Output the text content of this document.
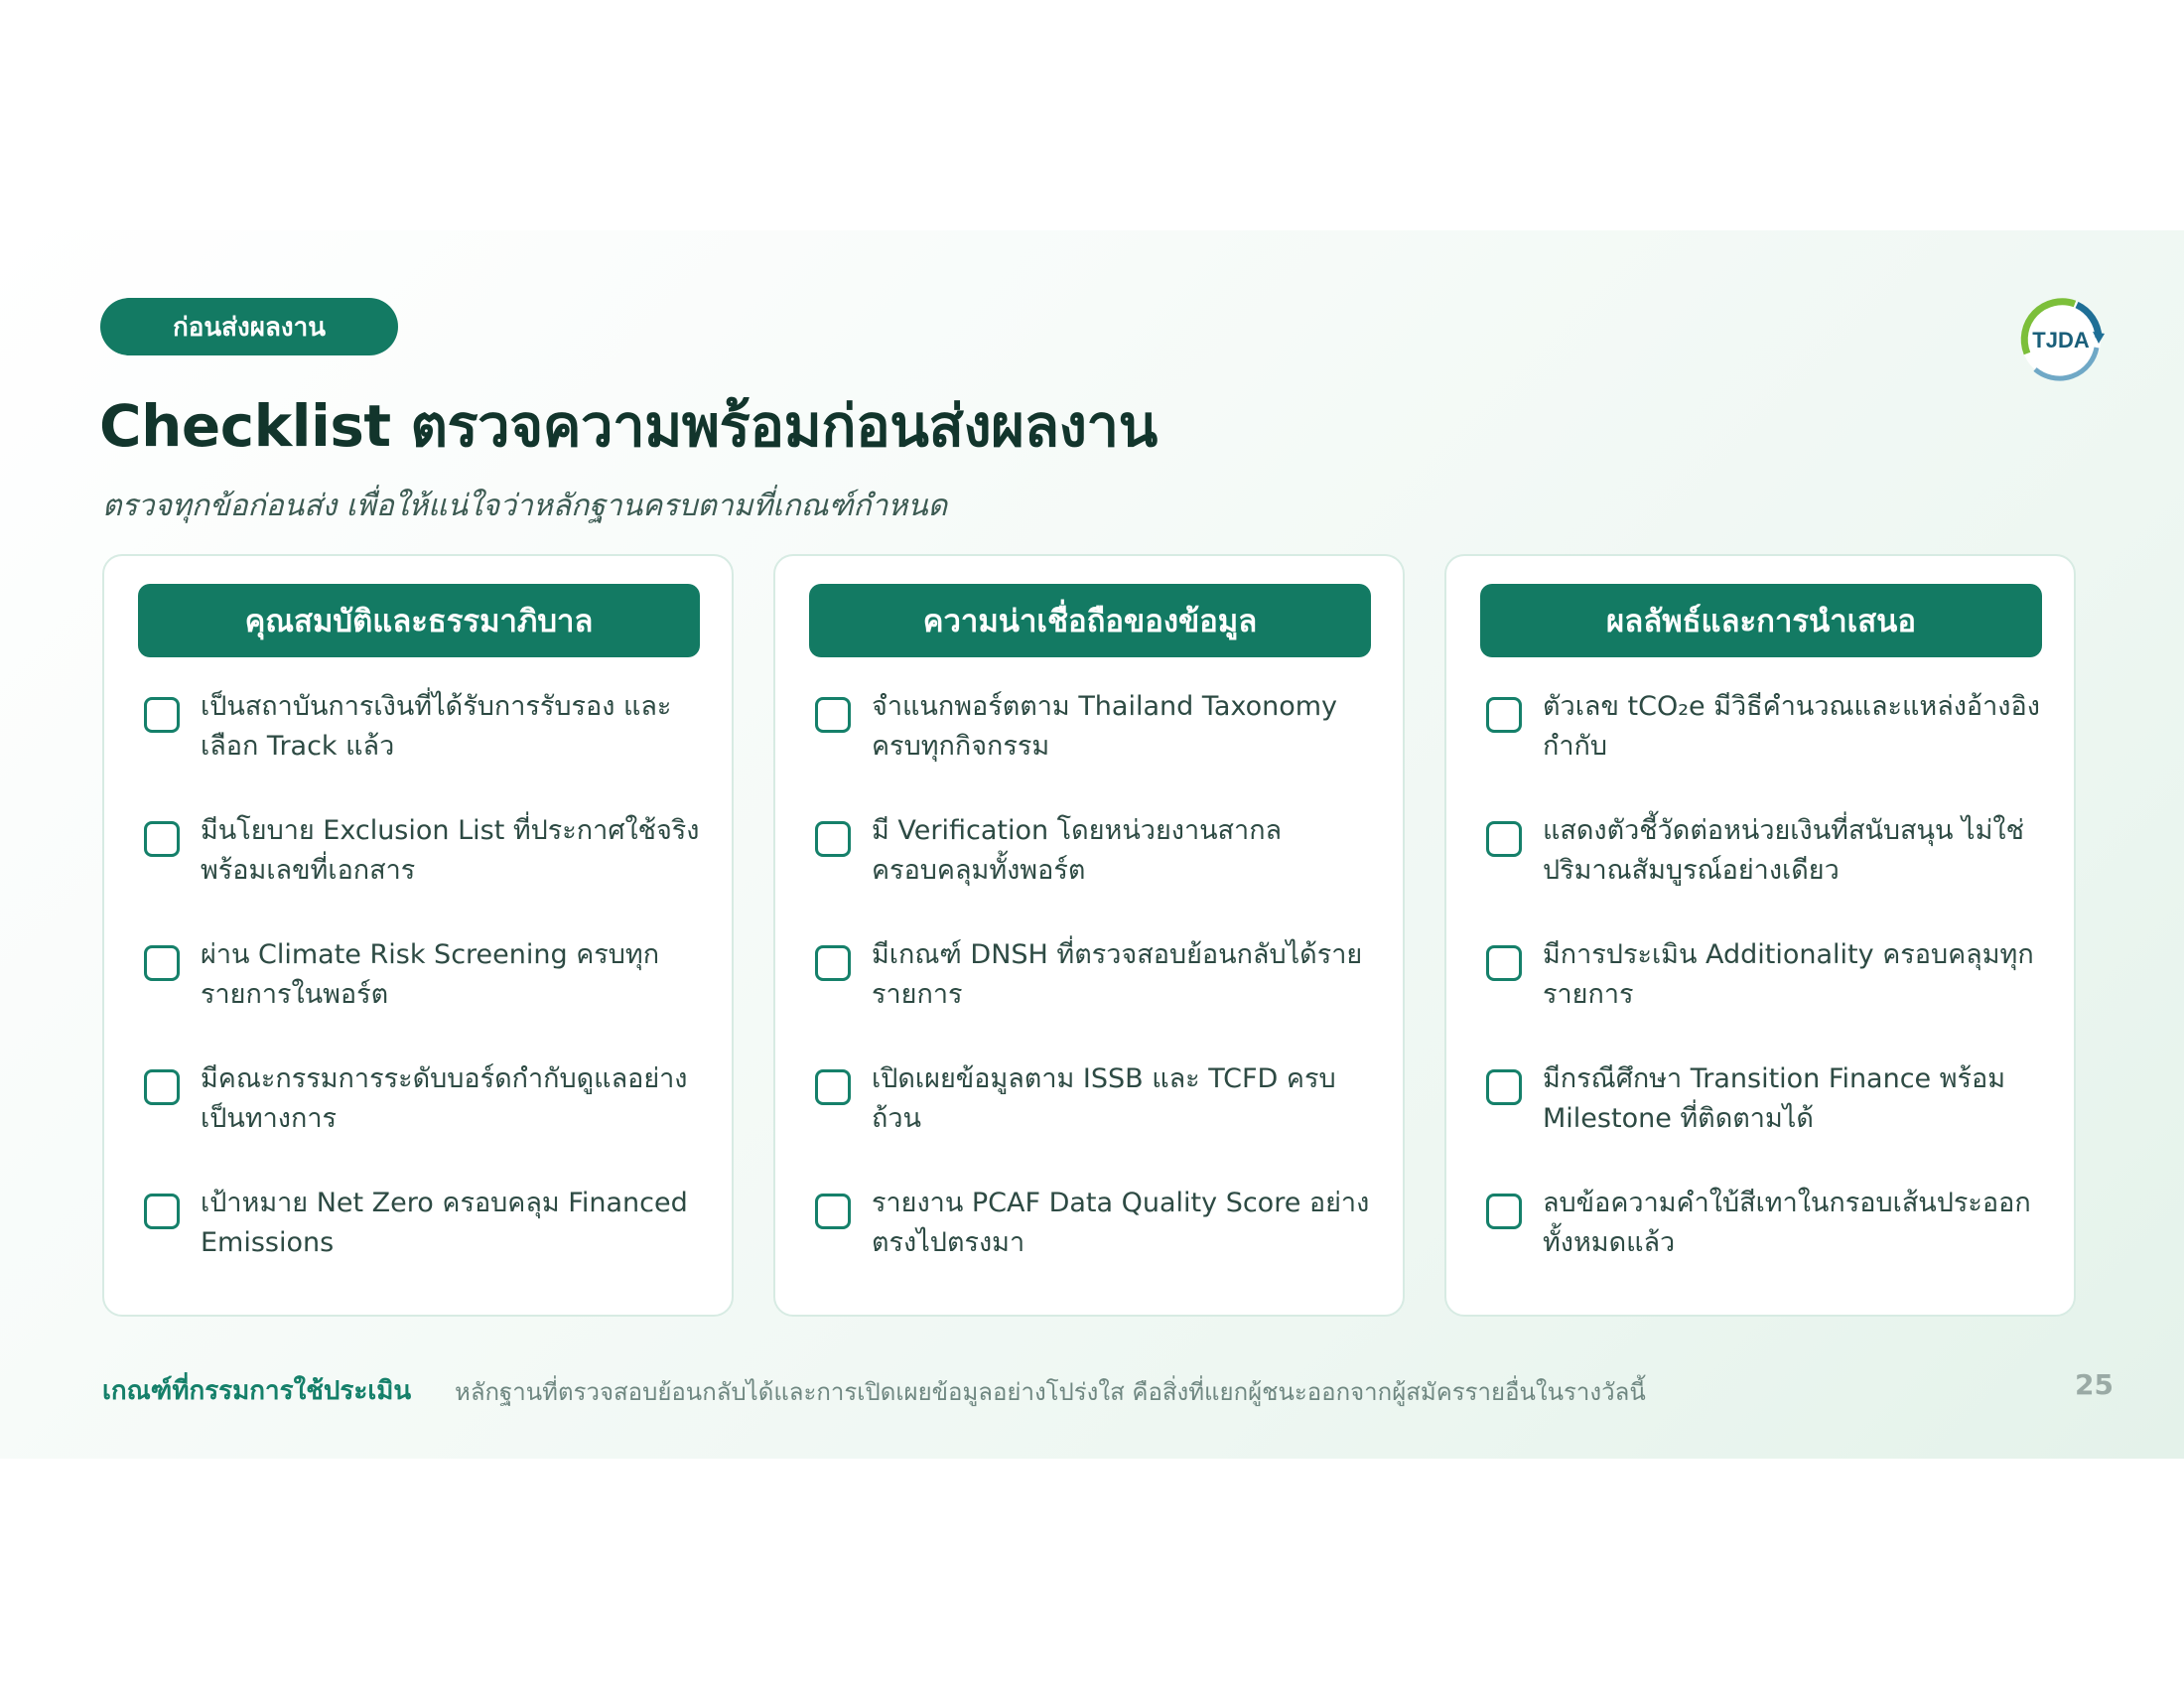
ก่อนส่งผลงาน	TJDA
Checklist ตรวจความพร้อมก่อนส่งผลงาน
ตรวจทุกข้อก่อนส่ง เพื่อให้แน่ใจว่าหลักฐานครบตามที่เกณฑ์กำหนด
คุณสมบัติและธรรมาภิบาล
เป็นสถาบันการเงินที่ได้รับการรับรอง และเลือก Track แล้ว
มีนโยบาย Exclusion List ที่ประกาศใช้จริง พร้อมเลขที่เอกสาร
ผ่าน Climate Risk Screening ครบทุกรายการในพอร์ต
มีคณะกรรมการระดับบอร์ดกำกับดูแลอย่างเป็นทางการ
เป้าหมาย Net Zero ครอบคลุม Financed Emissions
ความน่าเชื่อถือของข้อมูล
จำแนกพอร์ตตาม Thailand Taxonomy ครบทุกกิจกรรม
มี Verification โดยหน่วยงานสากลครอบคลุมทั้งพอร์ต
มีเกณฑ์ DNSH ที่ตรวจสอบย้อนกลับได้รายรายการ
เปิดเผยข้อมูลตาม ISSB และ TCFD ครบถ้วน
รายงาน PCAF Data Quality Score อย่างตรงไปตรงมา
ผลลัพธ์และการนำเสนอ
ตัวเลข tCO₂e มีวิธีคำนวณและแหล่งอ้างอิงกำกับ
แสดงตัวชี้วัดต่อหน่วยเงินที่สนับสนุน ไม่ใช่ปริมาณสัมบูรณ์อย่างเดียว
มีการประเมิน Additionality ครอบคลุมทุกรายการ
มีกรณีศึกษา Transition Finance พร้อม Milestone ที่ติดตามได้
ลบข้อความคำใบ้สีเทาในกรอบเส้นประออกทั้งหมดแล้ว
เกณฑ์ที่กรรมการใช้ประเมิน หลักฐานที่ตรวจสอบย้อนกลับได้และการเปิดเผยข้อมูลอย่างโปร่งใส คือสิ่งที่แยกผู้ชนะออกจากผู้สมัครรายอื่นในรางวัลนี้	25
